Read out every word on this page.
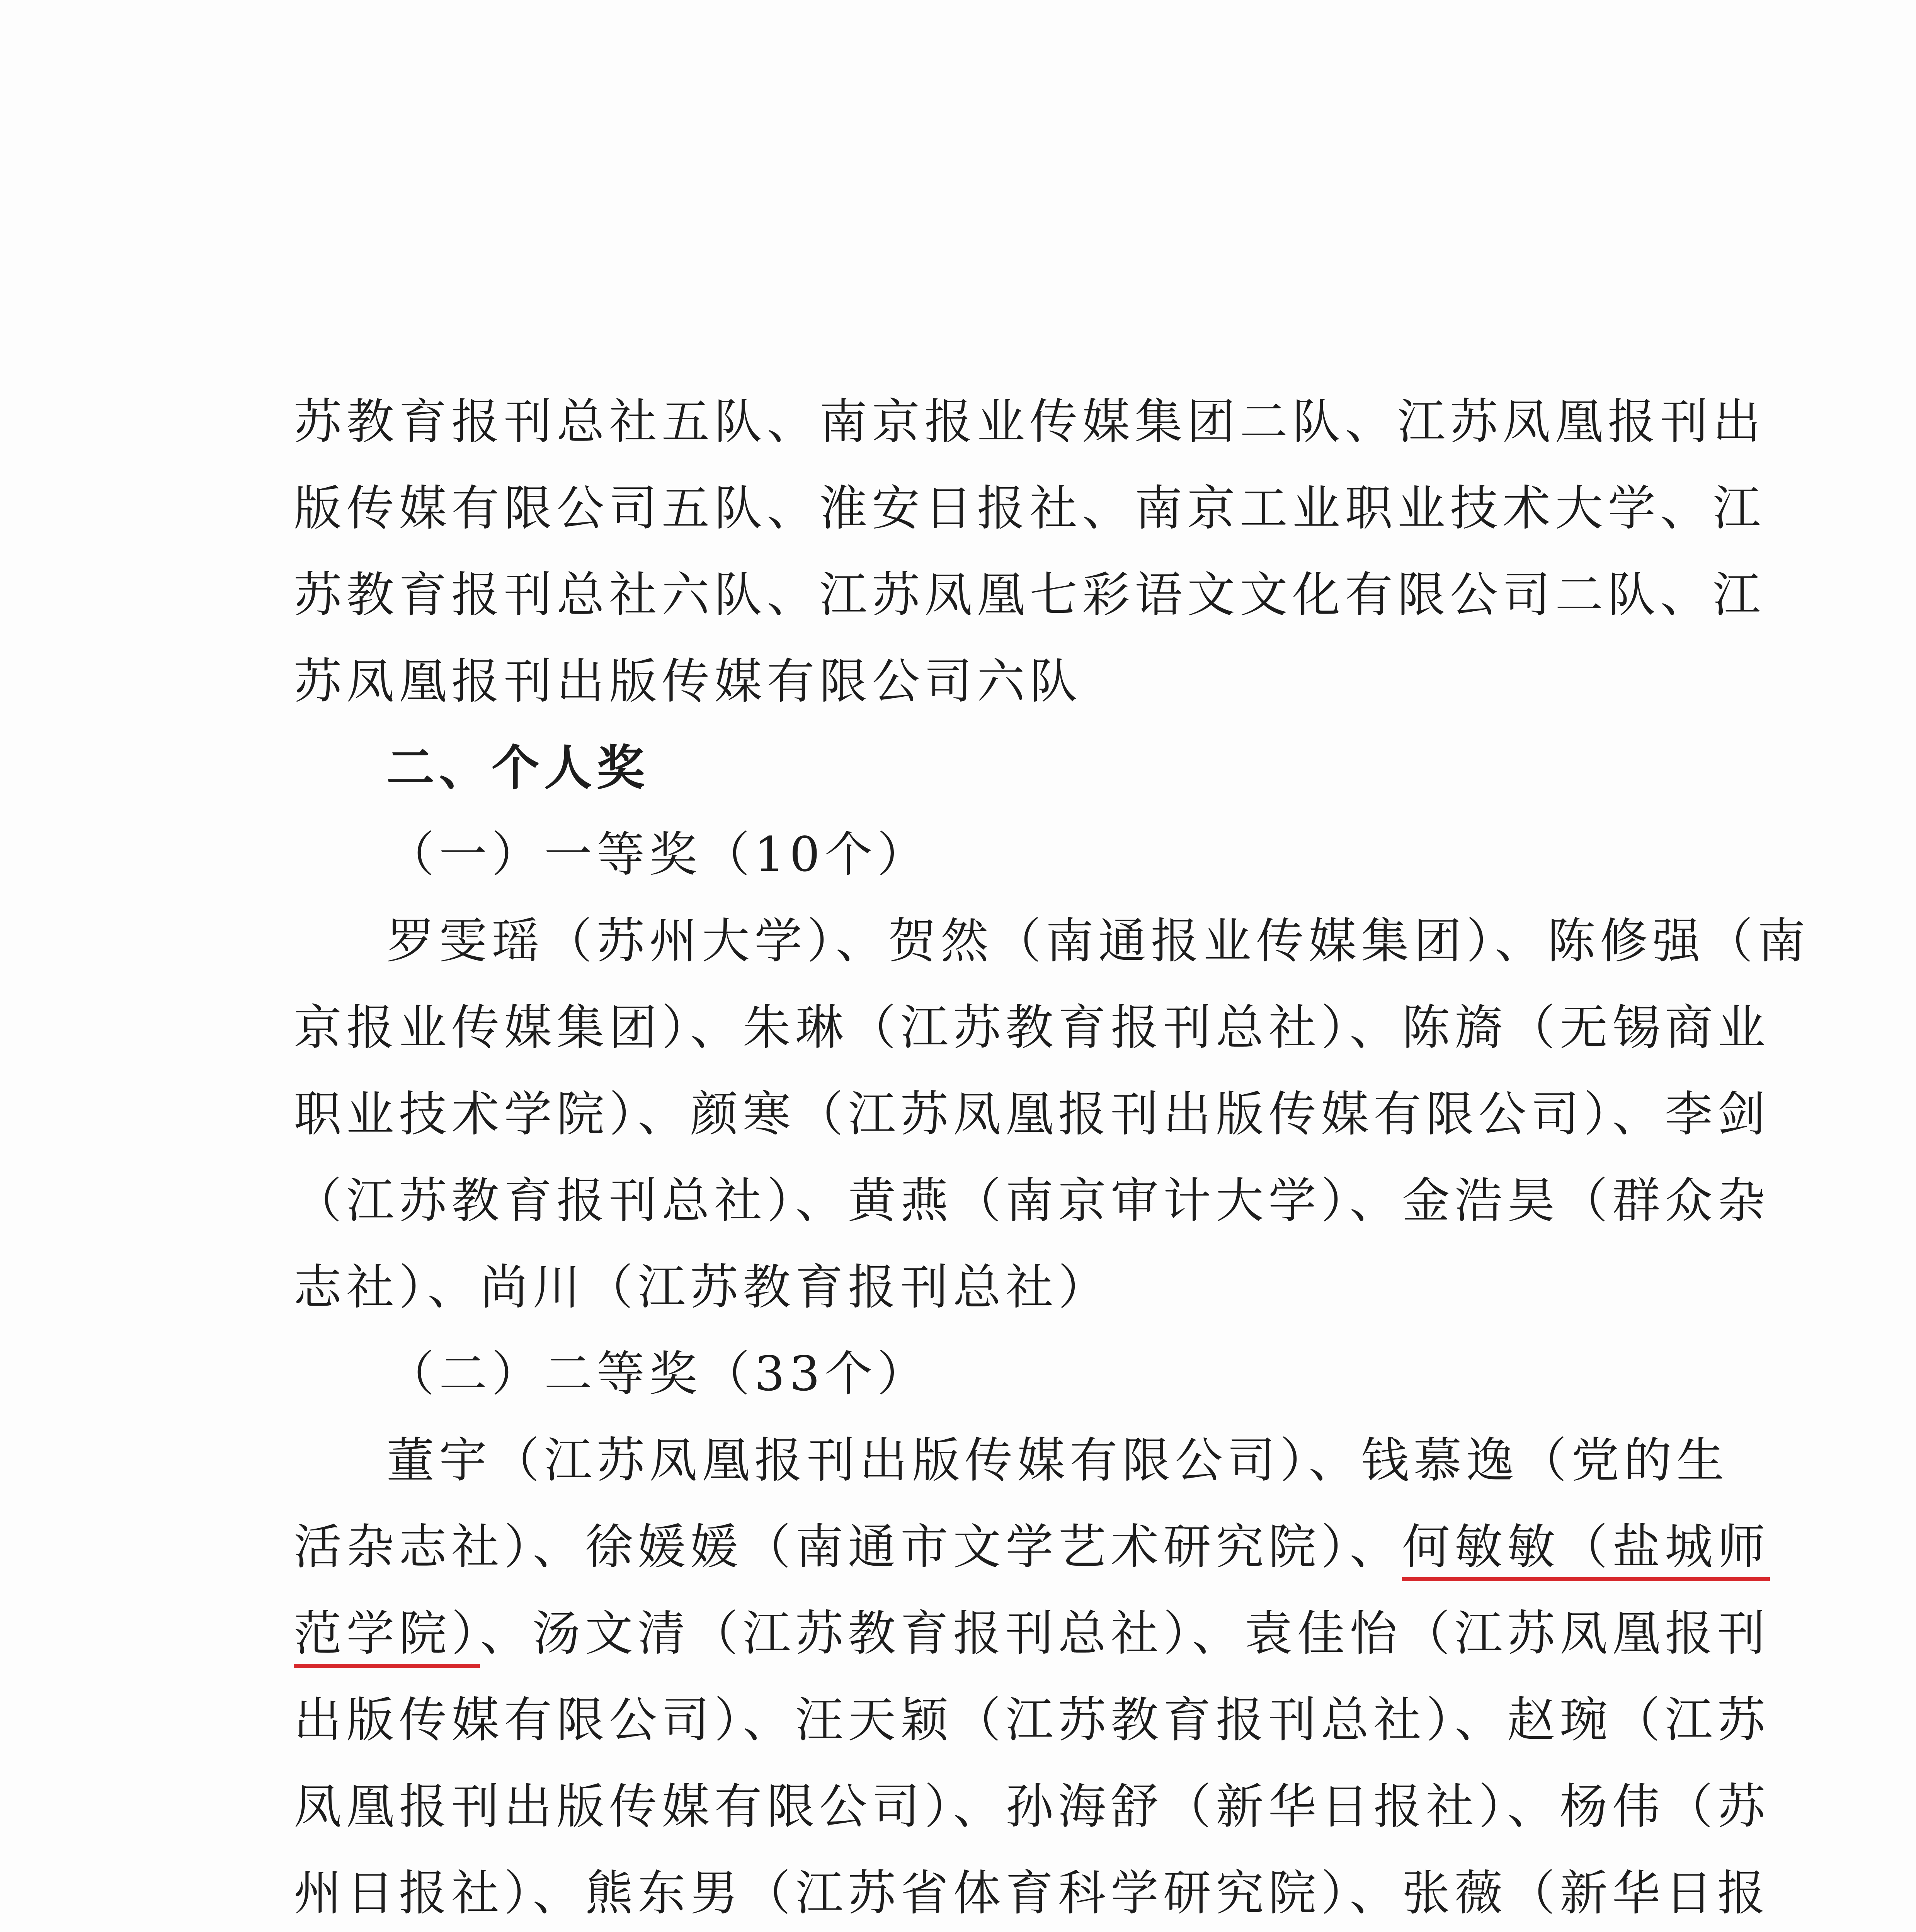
苏教育报刊总社五队、南京报业传媒集团二队、江苏凤凰报刊出
版传媒有限公司五队、淮安日报社、南京工业职业技术大学、江
苏教育报刊总社六队、江苏凤凰七彩语文文化有限公司二队、江
苏凤凰报刊出版传媒有限公司六队
二、个人奖
（一）一等奖（10个）
罗雯瑶（苏州大学）、贺然（南通报业传媒集团）、陈修强（南
京报业传媒集团）、朱琳（江苏教育报刊总社）、陈旖（无锡商业
职业技术学院）、颜寒（江苏凤凰报刊出版传媒有限公司）、李剑
（江苏教育报刊总社）、黄燕（南京审计大学）、金浩昊（群众杂
志社）、尚川（江苏教育报刊总社）
（二）二等奖（33个）
董宇（江苏凤凰报刊出版传媒有限公司）、钱慕逸（党的生
活杂志社）、徐媛媛（南通市文学艺术研究院）、何敏敏（盐城师
范学院）、汤文清（江苏教育报刊总社）、袁佳怡（江苏凤凰报刊
出版传媒有限公司）、汪天颖（江苏教育报刊总社）、赵琬（江苏
凤凰报刊出版传媒有限公司）、孙海舒（新华日报社）、杨伟（苏
州日报社）、熊东男（江苏省体育科学研究院）、张薇（新华日报
